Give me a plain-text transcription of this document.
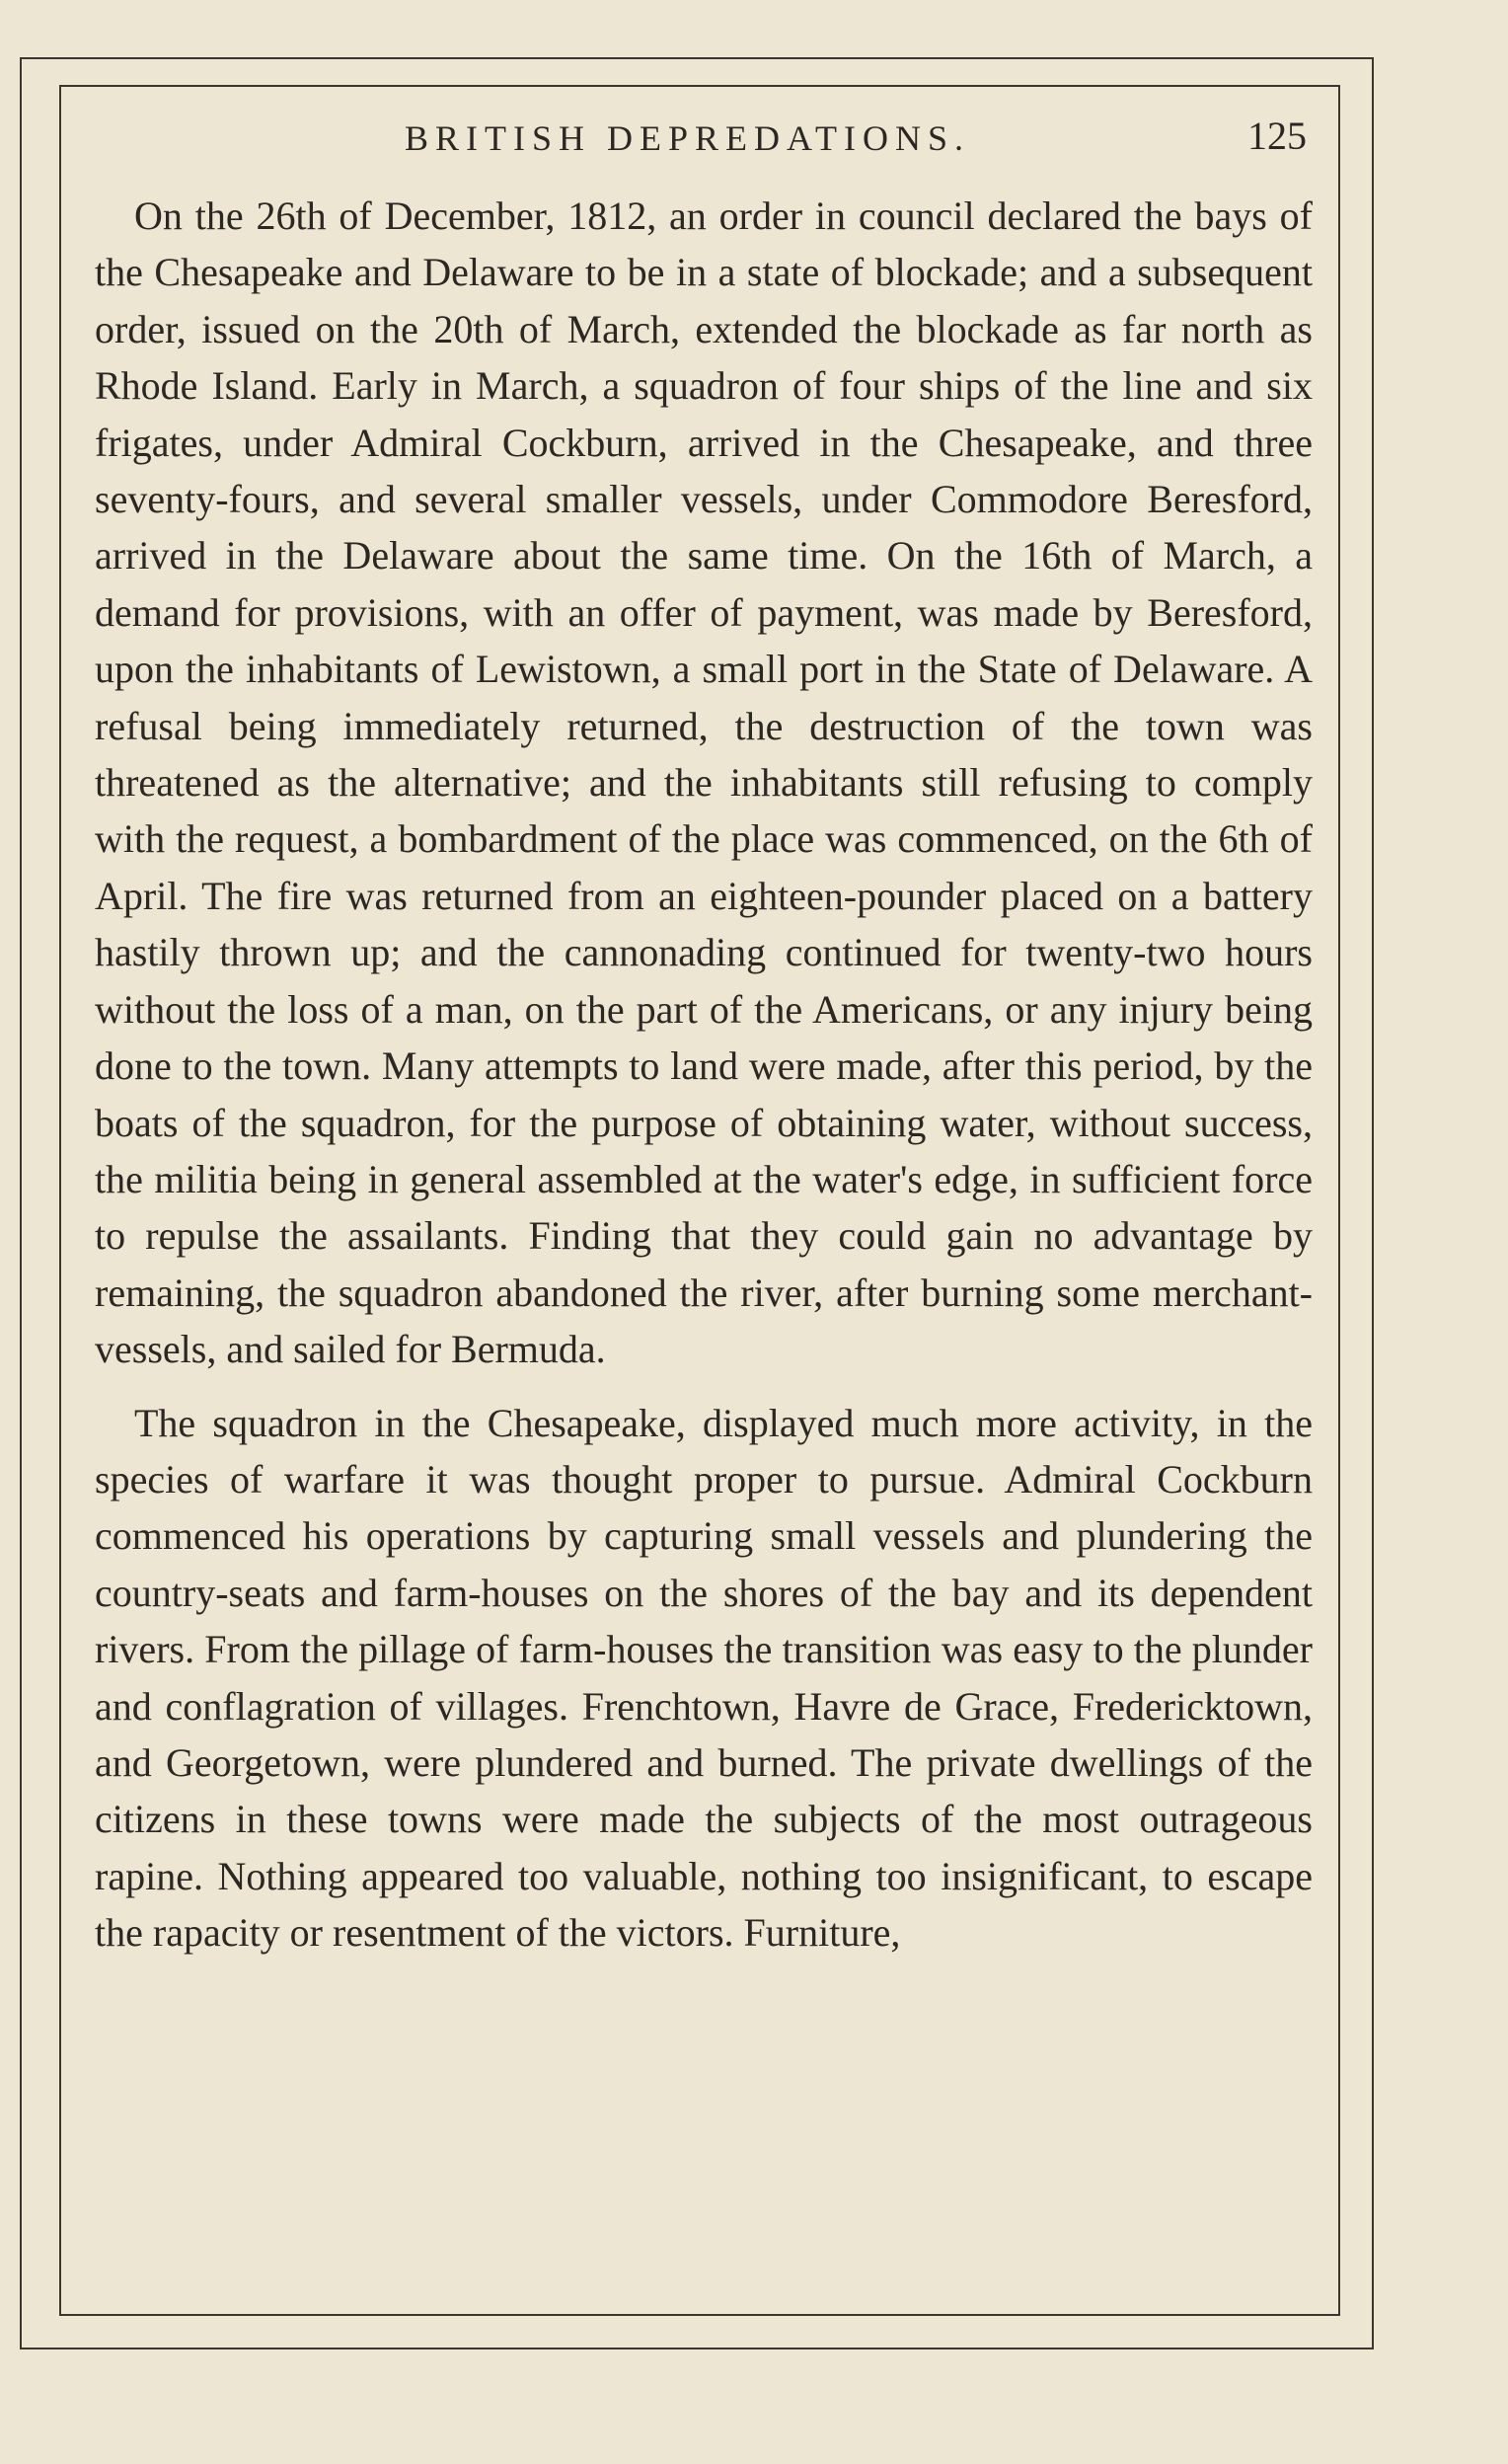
BRITISH DEPREDATIONS.	125

On the 26th of December, 1812, an order in council declared the bays of the Chesapeake and Delaware to be in a state of blockade; and a subsequent order, issued on the 20th of March, extended the blockade as far north as Rhode Island. Early in March, a squadron of four ships of the line and six frigates, under Admiral Cockburn, arrived in the Chesapeake, and three seventy-fours, and several smaller vessels, under Commodore Beresford, arrived in the Delaware about the same time. On the 16th of March, a demand for provisions, with an offer of payment, was made by Beresford, upon the inhabitants of Lewistown, a small port in the State of Delaware. A refusal being immediately returned, the destruction of the town was threatened as the alternative; and the inhabitants still refusing to comply with the request, a bombardment of the place was commenced, on the 6th of April. The fire was returned from an eighteen-pounder placed on a battery hastily thrown up; and the cannonading continued for twenty-two hours without the loss of a man, on the part of the Americans, or any injury being done to the town. Many attempts to land were made, after this period, by the boats of the squadron, for the purpose of obtaining water, without success, the militia being in general assembled at the water's edge, in sufficient force to repulse the assailants. Finding that they could gain no advantage by remaining, the squadron abandoned the river, after burning some merchant-vessels, and sailed for Bermuda.

The squadron in the Chesapeake, displayed much more activity, in the species of warfare it was thought proper to pursue. Admiral Cockburn commenced his operations by capturing small vessels and plundering the country-seats and farm-houses on the shores of the bay and its dependent rivers. From the pillage of farm-houses the transition was easy to the plunder and conflagration of villages. Frenchtown, Havre de Grace, Fredericktown, and Georgetown, were plundered and burned. The private dwellings of the citizens in these towns were made the subjects of the most outrageous rapine. Nothing appeared too valuable, nothing too insignificant, to escape the rapacity or resentment of the victors. Furniture,
